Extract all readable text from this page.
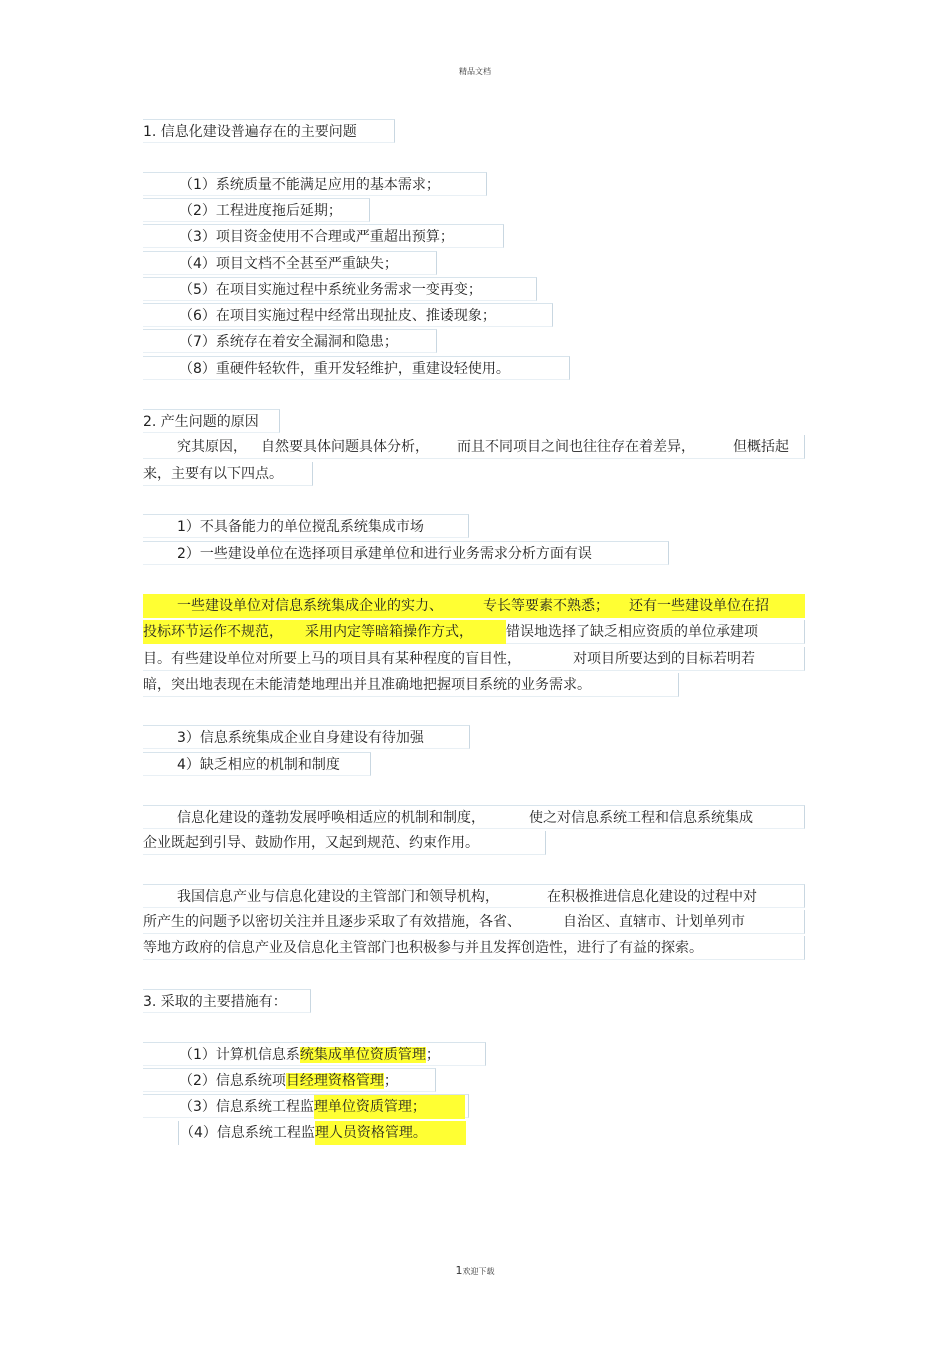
精品文档
1. 信息化建设普遍存在的主要问题
（1）系统质量不能满足应用的基本需求；
（2）工程进度拖后延期；
（3）项目资金使用不合理或严重超出预算；
（4）项目文档不全甚至严重缺失；
（5）在项目实施过程中系统业务需求一变再变；
（6）在项目实施过程中经常出现扯皮、推诿现象；
（7）系统存在着安全漏洞和隐患；
（8）重硬件轻软件，重开发轻维护，重建设轻使用。
2. 产生问题的原因
究其原因， 自然要具体问题具体分析， 而且不同项目之间也往往存在着差异，	但概括起
来，主要有以下四点。
1）不具备能力的单位搅乱系统集成市场
2）一些建设单位在选择项目承建单位和进行业务需求分析方面有误
一些建设单位对信息系统集成企业的实力、	专长等要素不熟悉； 还有一些建设单位在招
投标环节运作不规范， 采用内定等暗箱操作方式， 错误地选择了缺乏相应资质的单位承建项
目。有些建设单位对所要上马的项目具有某种程度的盲目性，	对项目所要达到的目标若明若
暗，突出地表现在未能清楚地理出并且准确地把握项目系统的业务需求。
3）信息系统集成企业自身建设有待加强
4）缺乏相应的机制和制度
信息化建设的蓬勃发展呼唤相适应的机制和制度，	使之对信息系统工程和信息系统集成
企业既起到引导、鼓励作用，又起到规范、约束作用。
我国信息产业与信息化建设的主管部门和领导机构，	在积极推进信息化建设的过程中对
所产生的问题予以密切关注并且逐步采取了有效措施，各省、	自治区、直辖市、计划单列市
等地方政府的信息产业及信息化主管部门也积极参与并且发挥创造性，进行了有益的探索。
3. 采取的主要措施有：
（1）计算机信息系统集成单位资质管理；
（2）信息系统项目经理资格管理；
（3）信息系统工程监理单位资质管理；
（4）信息系统工程监理人员资格管理。
1欢迎下载
